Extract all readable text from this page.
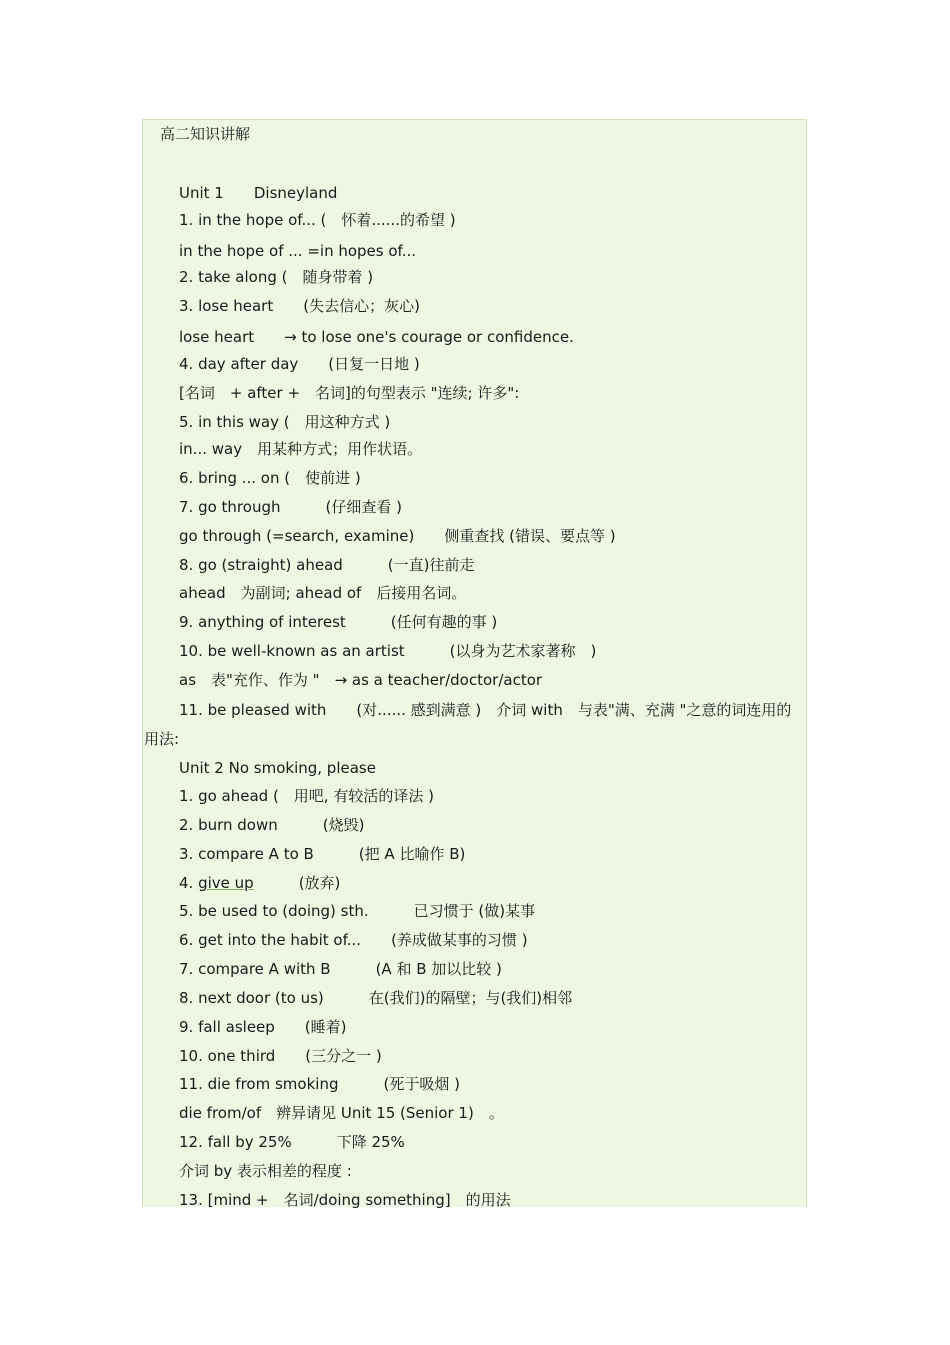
高二知识讲解
Unit 1　　Disneyland
1. in the hope of... (　怀着......的希望 )
in the hope of ... =in hopes of...
2. take along (　随身带着 )
3. lose heart　　(失去信心；灰心)
lose heart　　→ to lose one's courage or confidence.
4. day after day　　(日复一日地 )
[名词　+ after +　名词]的句型表示 "连续; 许多":
5. in this way (　用这种方式 )
in... way　用某种方式；用作状语。
6. bring ... on (　使前进 )
7. go through　　　(仔细查看 )
go through (=search, examine)　　侧重查找 (错误、要点等 )
8. go (straight) ahead　　　(一直)往前走
ahead　为副词; ahead of　后接用名词。
9. anything of interest　　　(任何有趣的事 )
10. be well-known as an artist　　　(以身为艺术家著称　)
as　表"充作、作为 "　→ as a teacher/doctor/actor
11. be pleased with　　(对...... 感到满意 )　介词 with　与表"满、充满 "之意的词连用的
用法:
Unit 2 No smoking, please
1. go ahead (　用吧, 有较活的译法 )
2. burn down　　　(烧毁)
3. compare A to B　　　(把 A 比喻作 B)
4. give up　　　(放弃)
5. be used to (doing) sth.　　　已习惯于 (做)某事
6. get into the habit of...　　(养成做某事的习惯 )
7. compare A with B　　　(A 和 B 加以比较 )
8. next door (to us)　　　在(我们)的隔壁；与(我们)相邻
9. fall asleep　　(睡着)
10. one third　　(三分之一 )
11. die from smoking　　　(死于吸烟 )
die from/of　辨异请见 Unit 15 (Senior 1)　。
12. fall by 25%　　　下降 25%
介词 by 表示相差的程度 :
13. [mind +　名词/doing something]　的用法
